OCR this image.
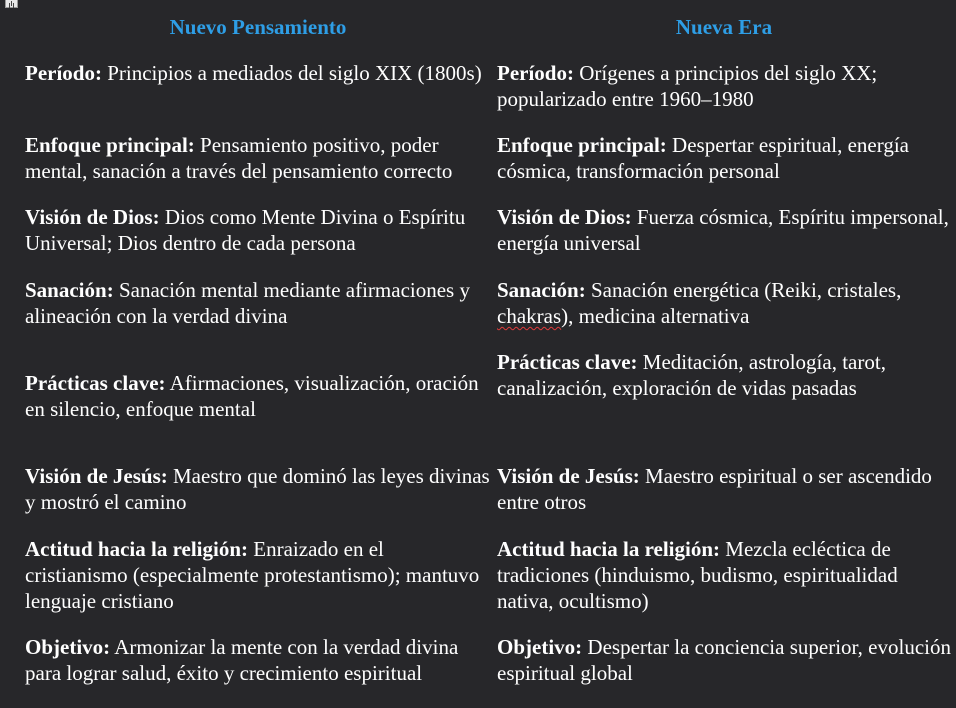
Nuevo Pensamiento	Nueva Era

Período: Principios a mediados del siglo XIX (1800s) Período: Orígenes a principios del siglo XX; popularizado entre 1960–1980

Enfoque principal: Pensamiento positivo, poder mental, sanación a través del pensamiento correcto

Enfoque principal: Despertar espiritual, energía cósmica, transformación personal

Visión de Dios: Dios como Mente Divina o Espíritu Universal; Dios dentro de cada persona

Visión de Dios: Fuerza cósmica, Espíritu impersonal, energía universal

Sanación: Sanación mental mediante afirmaciones y alineación con la verdad divina

Sanación: Sanación energética (Reiki, cristales, chakras), medicina alternativa

Prácticas clave: Afirmaciones, visualización, oración en silencio, enfoque mental

Prácticas clave: Meditación, astrología, tarot, canalización, exploración de vidas pasadas

Visión de Jesús: Maestro que dominó las leyes divinas y mostró el camino

Visión de Jesús: Maestro espiritual o ser ascendido entre otros

Actitud hacia la religión: Enraizado en el cristianismo (especialmente protestantismo); mantuvo lenguaje cristiano

Actitud hacia la religión: Mezcla ecléctica de tradiciones (hinduismo, budismo, espiritualidad nativa, ocultismo)

Objetivo: Armonizar la mente con la verdad divina para lograr salud, éxito y crecimiento espiritual

Objetivo: Despertar la conciencia superior, evolución espiritual global
